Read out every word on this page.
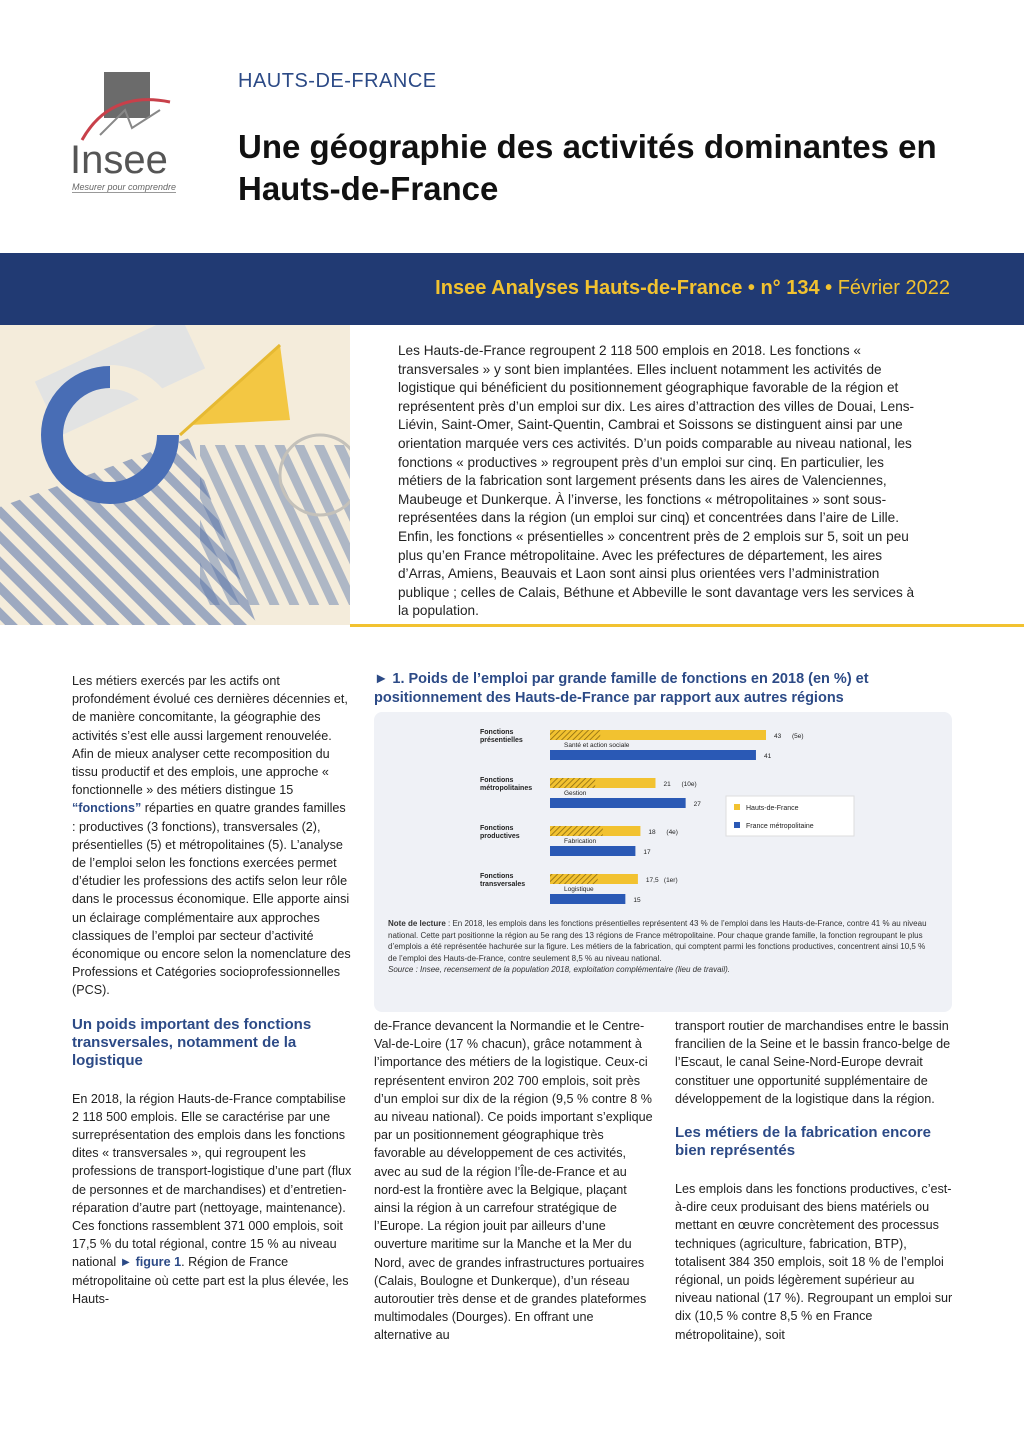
Insee
Mesurer pour comprendre
HAUTS-DE-FRANCE
Une géographie des activités dominantes en Hauts-de-France
Insee Analyses Hauts-de-France • n° 134 • Février 2022
Les Hauts-de-France regroupent 2 118 500 emplois en 2018. Les fonctions « transversales » y sont bien implantées. Elles incluent notamment les activités de logistique qui bénéficient du positionnement géographique favorable de la région et représentent près d’un emploi sur dix. Les aires d’attraction des villes de Douai, Lens-Liévin, Saint-Omer, Saint-Quentin, Cambrai et Soissons se distinguent ainsi par une orientation marquée vers ces activités. D’un poids comparable au niveau national, les fonctions « productives » regroupent près d’un emploi sur cinq. En particulier, les métiers de la fabrication sont largement présents dans les aires de Valenciennes, Maubeuge et Dunkerque. À l’inverse, les fonctions « métropolitaines » sont sous-représentées dans la région (un emploi sur cinq) et concentrées dans l’aire de Lille. Enfin, les fonctions « présentielles » concentrent près de 2 emplois sur 5, soit un peu plus qu’en France métropolitaine. Avec les préfectures de département, les aires d’Arras, Amiens, Beauvais et Laon sont ainsi plus orientées vers l’administration publique ; celles de Calais, Béthune et Abbeville le sont davantage vers les services à la population.

Les métiers exercés par les actifs ont profondément évolué ces dernières décennies et, de manière concomitante, la géographie des activités s’est elle aussi largement renouvelée. Afin de mieux analyser cette recomposition du tissu productif et des emplois, une approche « fonctionnelle » des métiers distingue 15 “fonctions” réparties en quatre grandes familles : productives (3 fonctions), transversales (2), présentielles (5) et métropolitaines (5). L’analyse de l’emploi selon les fonctions exercées permet d’étudier les professions des actifs selon leur rôle dans le processus économique. Elle apporte ainsi un éclairage complémentaire aux approches classiques de l’emploi par secteur d’activité économique ou encore selon la nomenclature des Professions et Catégories socioprofessionnelles (PCS).

Un poids important des fonctions transversales, notamment de la logistique

En 2018, la région Hauts-de-France comptabilise 2 118 500 emplois. Elle se caractérise par une surreprésentation des emplois dans les fonctions dites « transversales », qui regroupent les professions de transport-logistique d’une part (flux de personnes et de marchandises) et d’entretien-réparation d’autre part (nettoyage, maintenance). Ces fonctions rassemblent 371 000 emplois, soit 17,5 % du total régional, contre 15 % au niveau national ► figure 1. Région de France métropolitaine où cette part est la plus élevée, les Hauts-

► 1. Poids de l’emploi par grande famille de fonctions en 2018 (en %) et positionnement des Hauts-de-France par rapport aux autres régions
Fonctions
présentielles
Santé et action sociale
43 (5e)
41
Fonctions
métropolitaines
Gestion
21 (10e)
27
Fonctions
productives
Fabrication
18 (4e)
17
Fonctions
transversales
Logistique
17,5 (1er)
15
Hauts-de-France
France métropolitaine
Note de lecture : En 2018, les emplois dans les fonctions présentielles représentent 43 % de l’emploi dans les Hauts-de-France, contre 41 % au niveau national. Cette part positionne la région au 5e rang des 13 régions de France métropolitaine. Pour chaque grande famille, la fonction regroupant le plus d’emplois a été représentée hachurée sur la figure. Les métiers de la fabrication, qui comptent parmi les fonctions productives, concentrent ainsi 10,5 % de l’emploi des Hauts-de-France, contre seulement 8,5 % au niveau national.
Source : Insee, recensement de la population 2018, exploitation complémentaire (lieu de travail).

de-France devancent la Normandie et le Centre-Val-de-Loire (17 % chacun), grâce notamment à l’importance des métiers de la logistique. Ceux-ci représentent environ 202 700 emplois, soit près d’un emploi sur dix de la région (9,5 % contre 8 % au niveau national). Ce poids important s’explique par un positionnement géographique très favorable au développement de ces activités, avec au sud de la région l’Île-de-France et au nord-est la frontière avec la Belgique, plaçant ainsi la région à un carrefour stratégique de l’Europe. La région jouit par ailleurs d’une ouverture maritime sur la Manche et la Mer du Nord, avec de grandes infrastructures portuaires (Calais, Boulogne et Dunkerque), d’un réseau autoroutier très dense et de grandes plateformes multimodales (Dourges). En offrant une alternative au

transport routier de marchandises entre le bassin francilien de la Seine et le bassin franco-belge de l’Escaut, le canal Seine-Nord-Europe devrait constituer une opportunité supplémentaire de développement de la logistique dans la région.

Les métiers de la fabrication encore bien représentés

Les emplois dans les fonctions productives, c’est-à-dire ceux produisant des biens matériels ou mettant en œuvre concrètement des processus techniques (agriculture, fabrication, BTP), totalisent 384 350 emplois, soit 18 % de l’emploi régional, un poids légèrement supérieur au niveau national (17 %). Regroupant un emploi sur dix (10,5 % contre 8,5 % en France métropolitaine), soit
